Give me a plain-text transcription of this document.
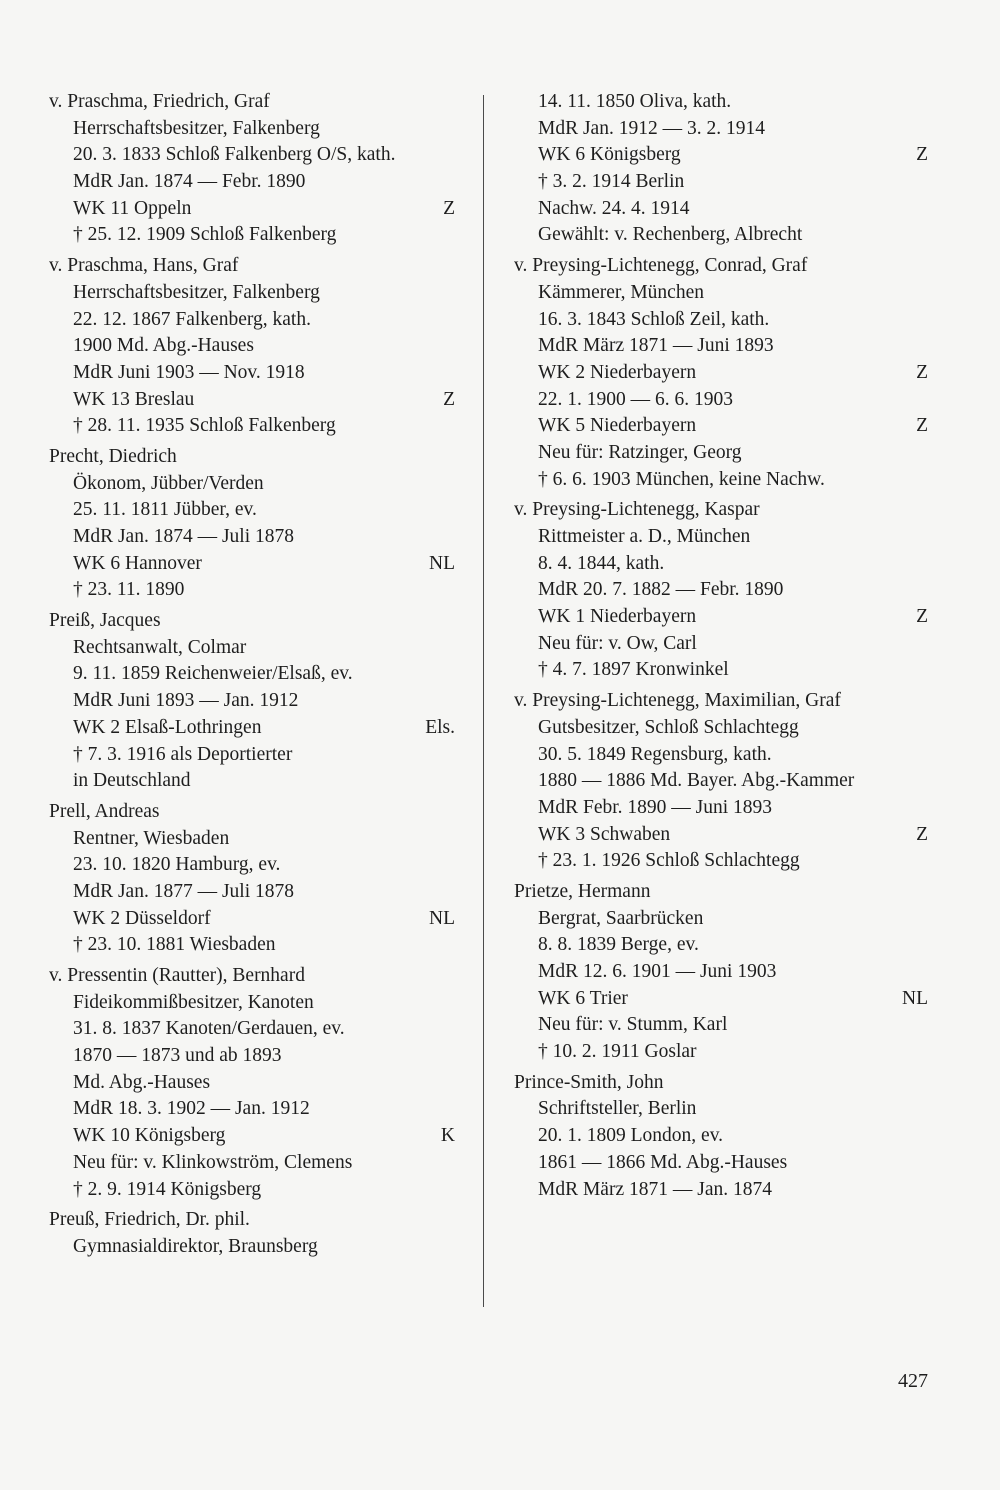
v. Praschma, Friedrich, Graf
Herrschaftsbesitzer, Falkenberg
20. 3. 1833 Schloß Falkenberg O/S, kath.
MdR Jan. 1874 — Febr. 1890
WK 11 Oppeln	Z
† 25. 12. 1909 Schloß Falkenberg
v. Praschma, Hans, Graf
Herrschaftsbesitzer, Falkenberg
22. 12. 1867 Falkenberg, kath.
1900 Md. Abg.-Hauses
MdR Juni 1903 — Nov. 1918
WK 13 Breslau	Z
† 28. 11. 1935 Schloß Falkenberg
Precht, Diedrich
Ökonom, Jübber/Verden
25. 11. 1811 Jübber, ev.
MdR Jan. 1874 — Juli 1878
WK 6 Hannover	NL
† 23. 11. 1890
Preiß, Jacques
Rechtsanwalt, Colmar
9. 11. 1859 Reichenweier/Elsaß, ev.
MdR Juni 1893 — Jan. 1912
WK 2 Elsaß-Lothringen	Els.
† 7. 3. 1916 als Deportierter
in Deutschland
Prell, Andreas
Rentner, Wiesbaden
23. 10. 1820 Hamburg, ev.
MdR Jan. 1877 — Juli 1878
WK 2 Düsseldorf	NL
† 23. 10. 1881 Wiesbaden
v. Pressentin (Rautter), Bernhard
Fideikommißbesitzer, Kanoten
31. 8. 1837 Kanoten/Gerdauen, ev.
1870 — 1873 und ab 1893
Md. Abg.-Hauses
MdR 18. 3. 1902 — Jan. 1912
WK 10 Königsberg	K
Neu für: v. Klinkowström, Clemens
† 2. 9. 1914 Königsberg
Preuß, Friedrich, Dr. phil.
Gymnasialdirektor, Braunsberg
14. 11. 1850 Oliva, kath.
MdR Jan. 1912 — 3. 2. 1914
WK 6 Königsberg	Z
† 3. 2. 1914 Berlin
Nachw. 24. 4. 1914
Gewählt: v. Rechenberg, Albrecht
v. Preysing-Lichtenegg, Conrad, Graf
Kämmerer, München
16. 3. 1843 Schloß Zeil, kath.
MdR März 1871 — Juni 1893
WK 2 Niederbayern	Z
22. 1. 1900 — 6. 6. 1903
WK 5 Niederbayern	Z
Neu für: Ratzinger, Georg
† 6. 6. 1903 München, keine Nachw.
v. Preysing-Lichtenegg, Kaspar
Rittmeister a. D., München
8. 4. 1844, kath.
MdR 20. 7. 1882 — Febr. 1890
WK 1 Niederbayern	Z
Neu für: v. Ow, Carl
† 4. 7. 1897 Kronwinkel
v. Preysing-Lichtenegg, Maximilian, Graf
Gutsbesitzer, Schloß Schlachtegg
30. 5. 1849 Regensburg, kath.
1880 — 1886 Md. Bayer. Abg.-Kammer
MdR Febr. 1890 — Juni 1893
WK 3 Schwaben	Z
† 23. 1. 1926 Schloß Schlachtegg
Prietze, Hermann
Bergrat, Saarbrücken
8. 8. 1839 Berge, ev.
MdR 12. 6. 1901 — Juni 1903
WK 6 Trier	NL
Neu für: v. Stumm, Karl
† 10. 2. 1911 Goslar
Prince-Smith, John
Schriftsteller, Berlin
20. 1. 1809 London, ev.
1861 — 1866 Md. Abg.-Hauses
MdR März 1871 — Jan. 1874
427
